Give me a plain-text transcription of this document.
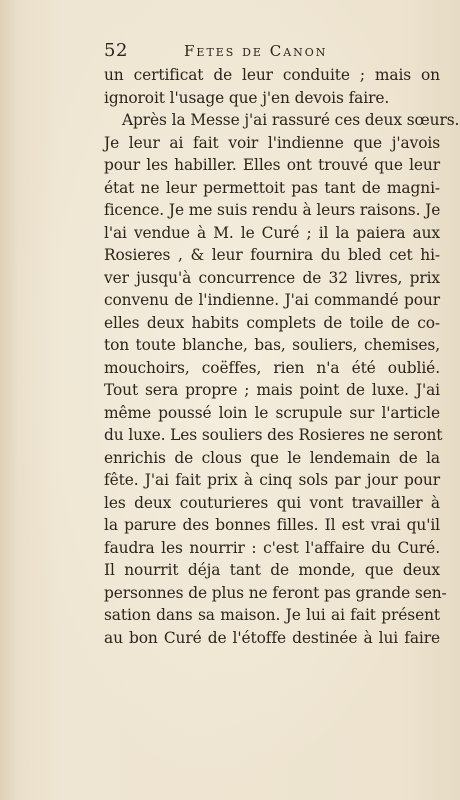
52	Fetes de Canon
un certificat de leur conduite ; mais on
ignoroit l'usage que j'en devois faire.
Après la Messe j'ai rassuré ces deux sœurs.
Je leur ai fait voir l'indienne que j'avois
pour les habiller. Elles ont trouvé que leur
état ne leur permettoit pas tant de magni-
ficence. Je me suis rendu à leurs raisons. Je
l'ai vendue à M. le Curé ; il la paiera aux
Rosieres , & leur fournira du bled cet hi-
ver jusqu'à concurrence de 32 livres, prix
convenu de l'indienne. J'ai commandé pour
elles deux habits complets de toile de co-
ton toute blanche, bas, souliers, chemises,
mouchoirs, coëffes, rien n'a été oublié.
Tout sera propre ; mais point de luxe. J'ai
même poussé loin le scrupule sur l'article
du luxe. Les souliers des Rosieres ne seront
enrichis de clous que le lendemain de la
fête. J'ai fait prix à cinq sols par jour pour
les deux couturieres qui vont travailler à
la parure des bonnes filles. Il est vrai qu'il
faudra les nourrir : c'est l'affaire du Curé.
Il nourrit déja tant de monde, que deux
personnes de plus ne feront pas grande sen-
sation dans sa maison. Je lui ai fait présent
au bon Curé de l'étoffe destinée à lui faire
